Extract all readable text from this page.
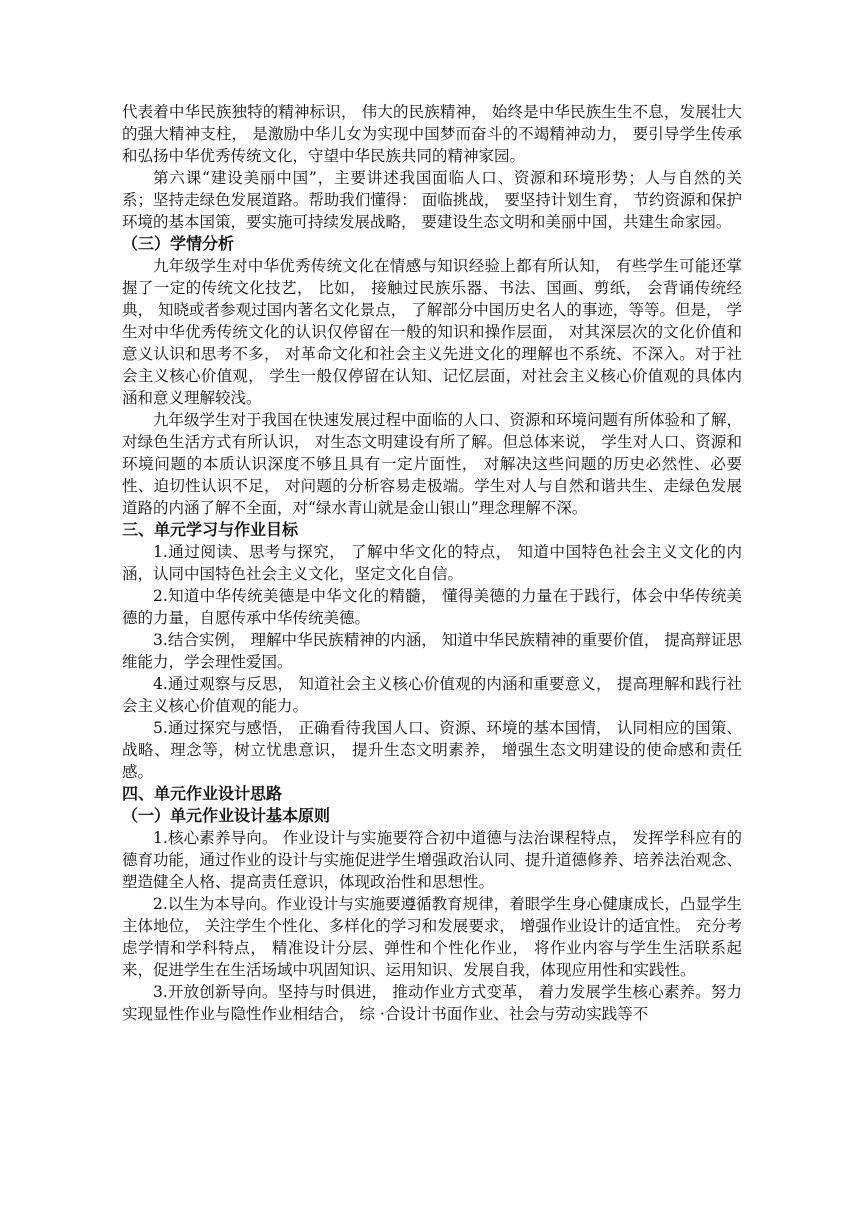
代表着中华民族独特的精神标识， 伟大的民族精神， 始终是中华民族生生不息，发展壮大的强大精神支柱， 是激励中华儿女为实现中国梦而奋斗的不竭精神动力， 要引导学生传承和弘扬中华优秀传统文化，守望中华民族共同的精神家园。

第六课“建设美丽中国”，主要讲述我国面临人口、资源和环境形势；人与自然的关系；坚持走绿色发展道路。帮助我们懂得： 面临挑战， 要坚持计划生育， 节约资源和保护环境的基本国策，要实施可持续发展战略， 要建设生态文明和美丽中国，共建生命家园。

（三）学情分析

九年级学生对中华优秀传统文化在情感与知识经验上都有所认知， 有些学生可能还掌握了一定的传统文化技艺， 比如， 接触过民族乐器、书法、国画、剪纸， 会背诵传统经典， 知晓或者参观过国内著名文化景点， 了解部分中国历史名人的事迹，等等。但是， 学生对中华优秀传统文化的认识仅停留在一般的知识和操作层面， 对其深层次的文化价值和意义认识和思考不多， 对革命文化和社会主义先进文化的理解也不系统、不深入。对于社会主义核心价值观， 学生一般仅停留在认知、记忆层面，对社会主义核心价值观的具体内涵和意义理解较浅。

九年级学生对于我国在快速发展过程中面临的人口、资源和环境问题有所体验和了解， 对绿色生活方式有所认识， 对生态文明建设有所了解。但总体来说， 学生对人口、资源和环境问题的本质认识深度不够且具有一定片面性， 对解决这些问题的历史必然性、必要性、迫切性认识不足， 对问题的分析容易走极端。学生对人与自然和谐共生、走绿色发展道路的内涵了解不全面，对“绿水青山就是金山银山”理念理解不深。

三、单元学习与作业目标

1.通过阅读、思考与探究， 了解中华文化的特点， 知道中国特色社会主义文化的内涵，认同中国特色社会主义文化，坚定文化自信。

2.知道中华传统美德是中华文化的精髓， 懂得美德的力量在于践行，体会中华传统美德的力量，自愿传承中华传统美德。

3.结合实例， 理解中华民族精神的内涵， 知道中华民族精神的重要价值， 提高辩证思维能力，学会理性爱国。

4.通过观察与反思， 知道社会主义核心价值观的内涵和重要意义， 提高理解和践行社会主义核心价值观的能力。

5.通过探究与感悟， 正确看待我国人口、资源、环境的基本国情， 认同相应的国策、战略、理念等，树立忧患意识， 提升生态文明素养， 增强生态文明建设的使命感和责任感。

四、单元作业设计思路
（一）单元作业设计基本原则

1.核心素养导向。 作业设计与实施要符合初中道德与法治课程特点， 发挥学科应有的德育功能，通过作业的设计与实施促进学生增强政治认同、提升道德修养、培养法治观念、塑造健全人格、提高责任意识，体现政治性和思想性。

2.以生为本导向。作业设计与实施要遵循教育规律，着眼学生身心健康成长，凸显学生主体地位， 关注学生个性化、多样化的学习和发展要求， 增强作业设计的适宜性。 充分考虑学情和学科特点， 精准设计分层、弹性和个性化作业， 将作业内容与学生生活联系起来，促进学生在生活场域中巩固知识、运用知识、发展自我，体现应用性和实践性。

3.开放创新导向。坚持与时俱进， 推动作业方式变革， 着力发展学生核心素养。努力实现显性作业与隐性作业相结合， 综 ·合设计书面作业、社会与劳动实践等不
